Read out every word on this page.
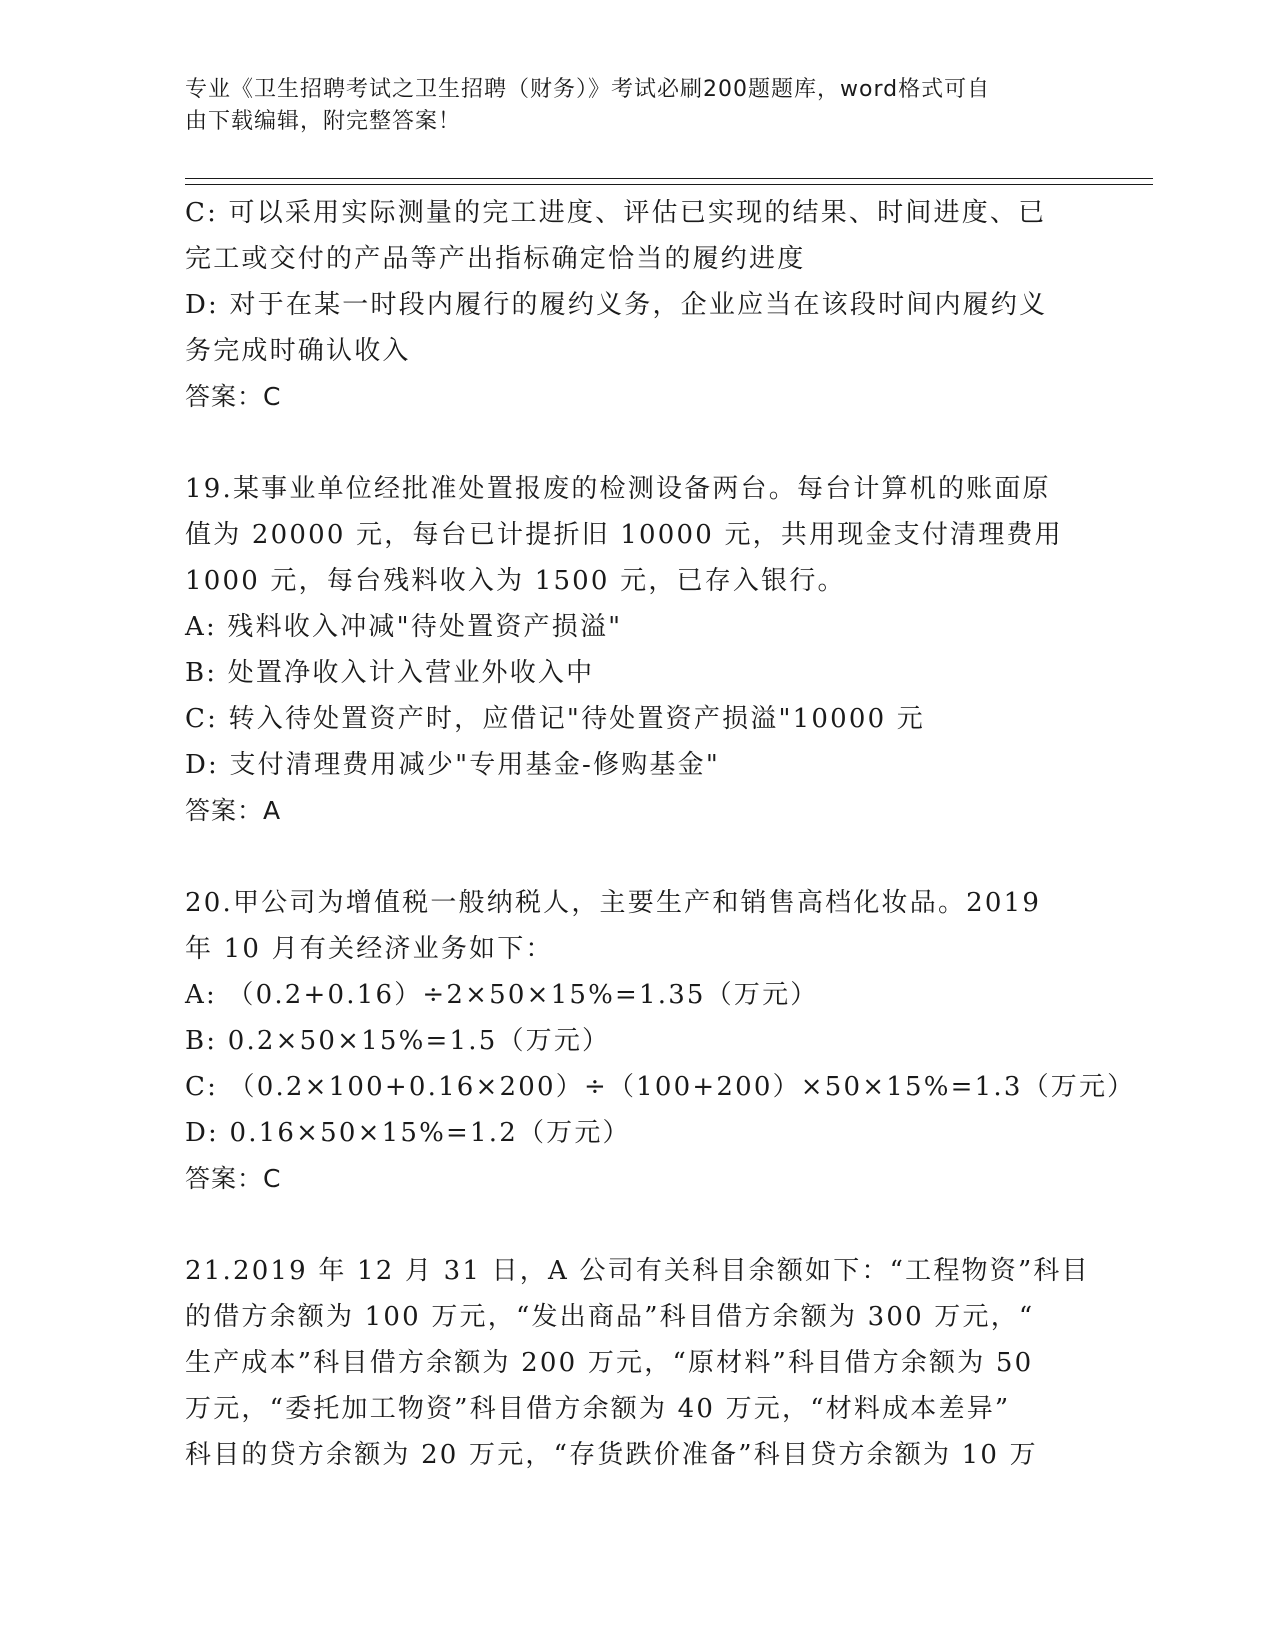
专业《卫生招聘考试之卫生招聘（财务）》考试必刷200题题库，word格式可自
由下载编辑，附完整答案！

C: 可以采用实际测量的完工进度、评估已实现的结果、时间进度、已

完工或交付的产品等产出指标确定恰当的履约进度

D: 对于在某一时段内履行的履约义务，企业应当在该段时间内履约义

务完成时确认收入

答案：C

19.某事业单位经批准处置报废的检测设备两台。每台计算机的账面原

值为 20000 元，每台已计提折旧 10000 元，共用现金支付清理费用

1000 元，每台残料收入为 1500 元，已存入银行。

A: 残料收入冲减"待处置资产损溢"

B: 处置净收入计入营业外收入中

C: 转入待处置资产时，应借记"待处置资产损溢"10000 元

D: 支付清理费用减少"专用基金-修购基金"

答案：A

20.甲公司为增值税一般纳税人，主要生产和销售高档化妆品。2019

年 10 月有关经济业务如下：

A: （0.2+0.16）÷2×50×15%=1.35（万元）

B: 0.2×50×15%=1.5（万元）

C: （0.2×100+0.16×200）÷（100+200）×50×15%=1.3（万元）

D: 0.16×50×15%=1.2（万元）

答案：C

21.2019 年 12 月 31 日，A 公司有关科目余额如下：“工程物资”科目

的借方余额为 100 万元，“发出商品”科目借方余额为 300 万元，“

生产成本”科目借方余额为 200 万元，“原材料”科目借方余额为 50

万元，“委托加工物资”科目借方余额为 40 万元，“材料成本差异”

科目的贷方余额为 20 万元，“存货跌价准备”科目贷方余额为 10 万
